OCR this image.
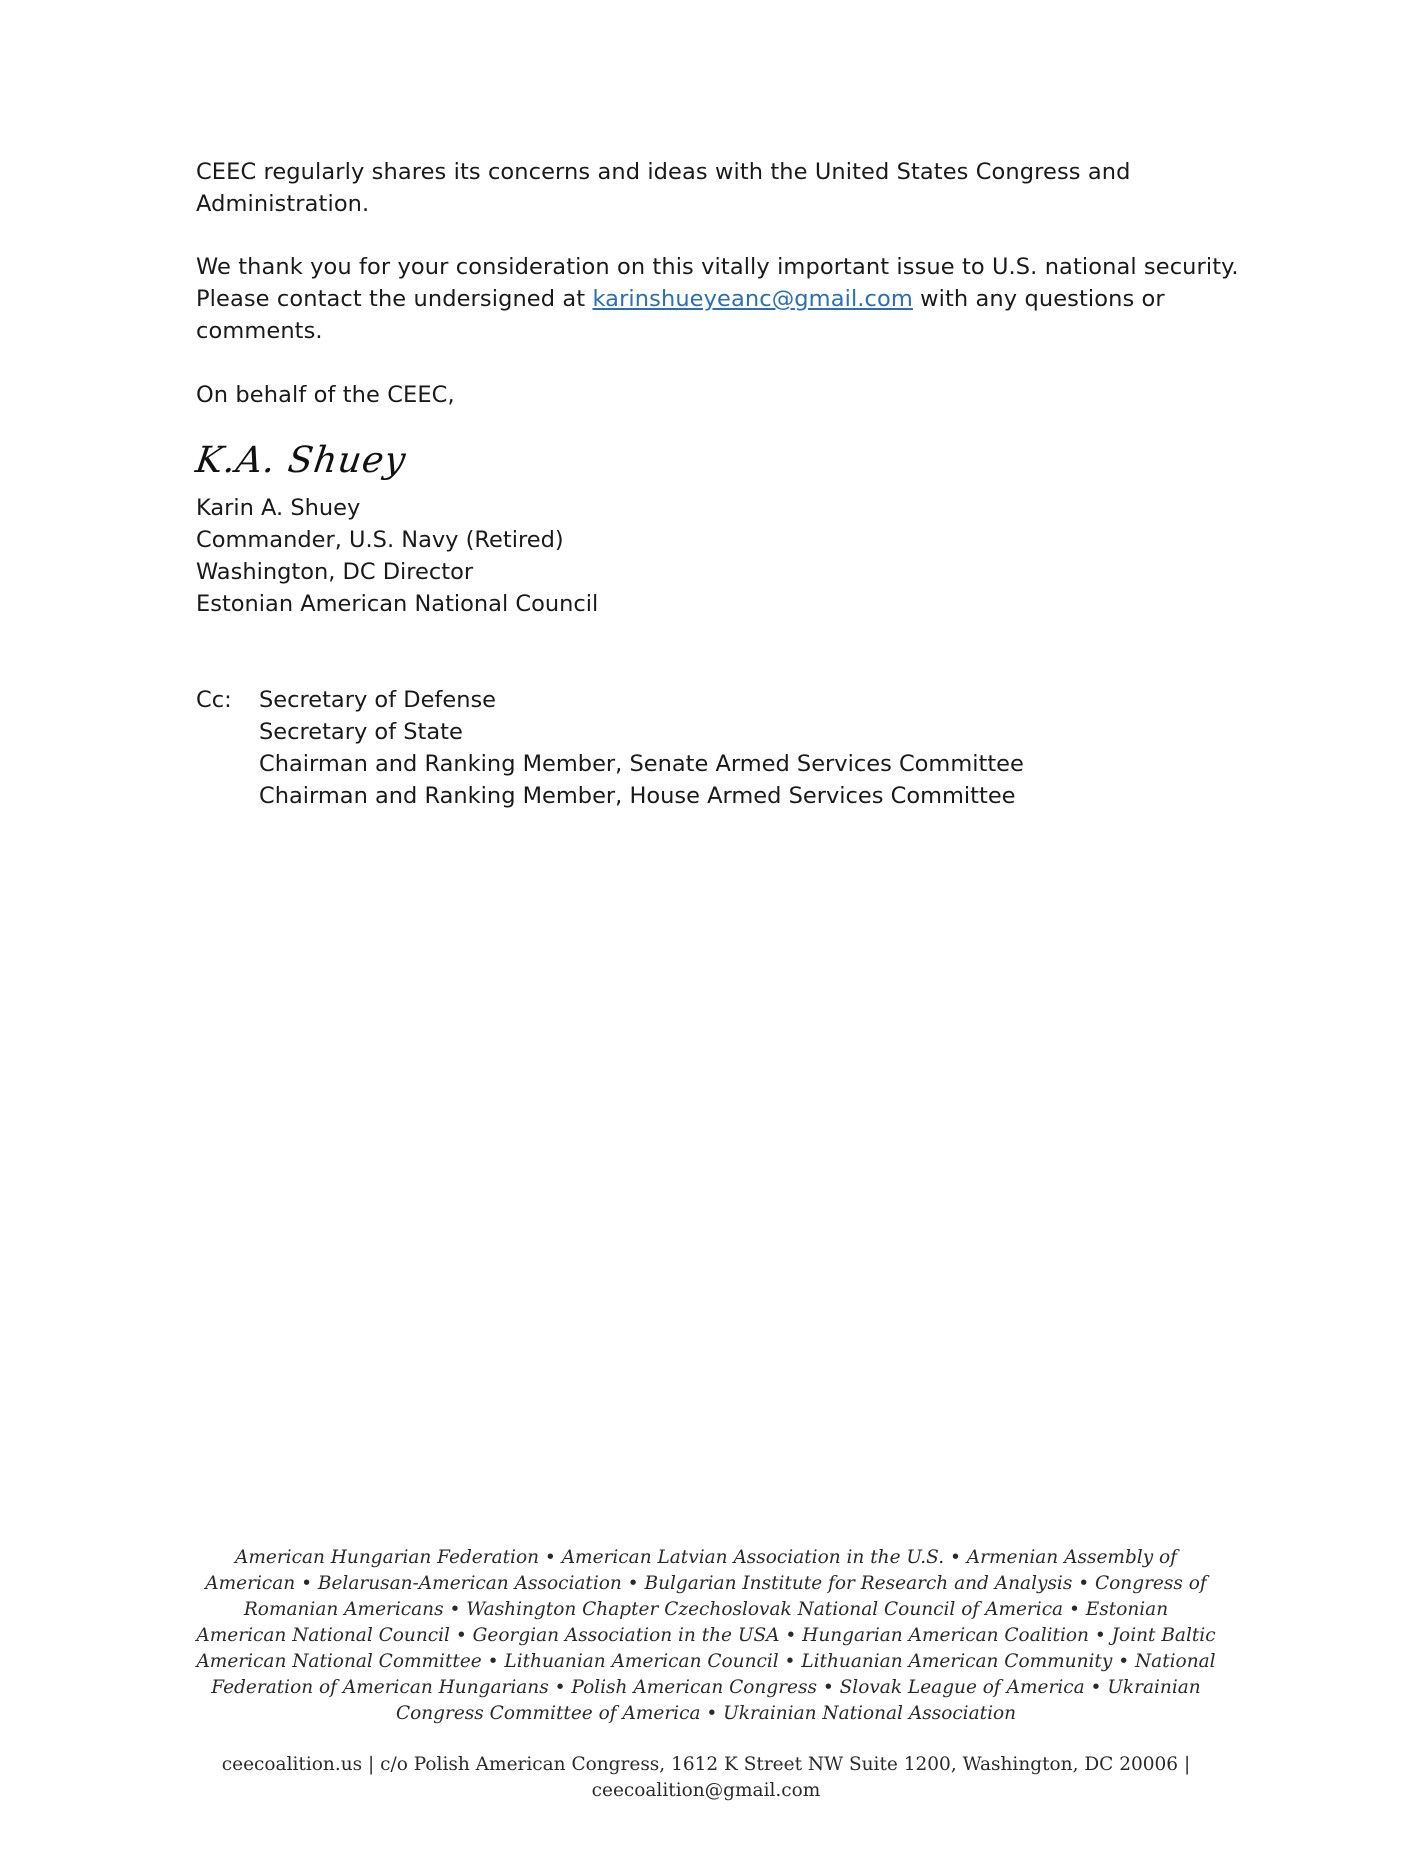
CEEC regularly shares its concerns and ideas with the United States Congress and Administration.
We thank you for your consideration on this vitally important issue to U.S. national security.
Please contact the undersigned at karinshueyeanc@gmail.com with any questions or comments.
On behalf of the CEEC,
K.A. Shuey
Karin A. Shuey
Commander, U.S. Navy (Retired)
Washington, DC Director
Estonian American National Council
Cc: Secretary of Defense
Secretary of State
Chairman and Ranking Member, Senate Armed Services Committee
Chairman and Ranking Member, House Armed Services Committee
American Hungarian Federation • American Latvian Association in the U.S. • Armenian Assembly of American • Belarusan-American Association • Bulgarian Institute for Research and Analysis • Congress of Romanian Americans • Washington Chapter Czechoslovak National Council of America • Estonian American National Council • Georgian Association in the USA • Hungarian American Coalition • Joint Baltic American National Committee • Lithuanian American Council • Lithuanian American Community • National Federation of American Hungarians • Polish American Congress • Slovak League of America • Ukrainian Congress Committee of America • Ukrainian National Association
ceecoalition.us | c/o Polish American Congress, 1612 K Street NW Suite 1200, Washington, DC 20006 |
ceecoalition@gmail.com
